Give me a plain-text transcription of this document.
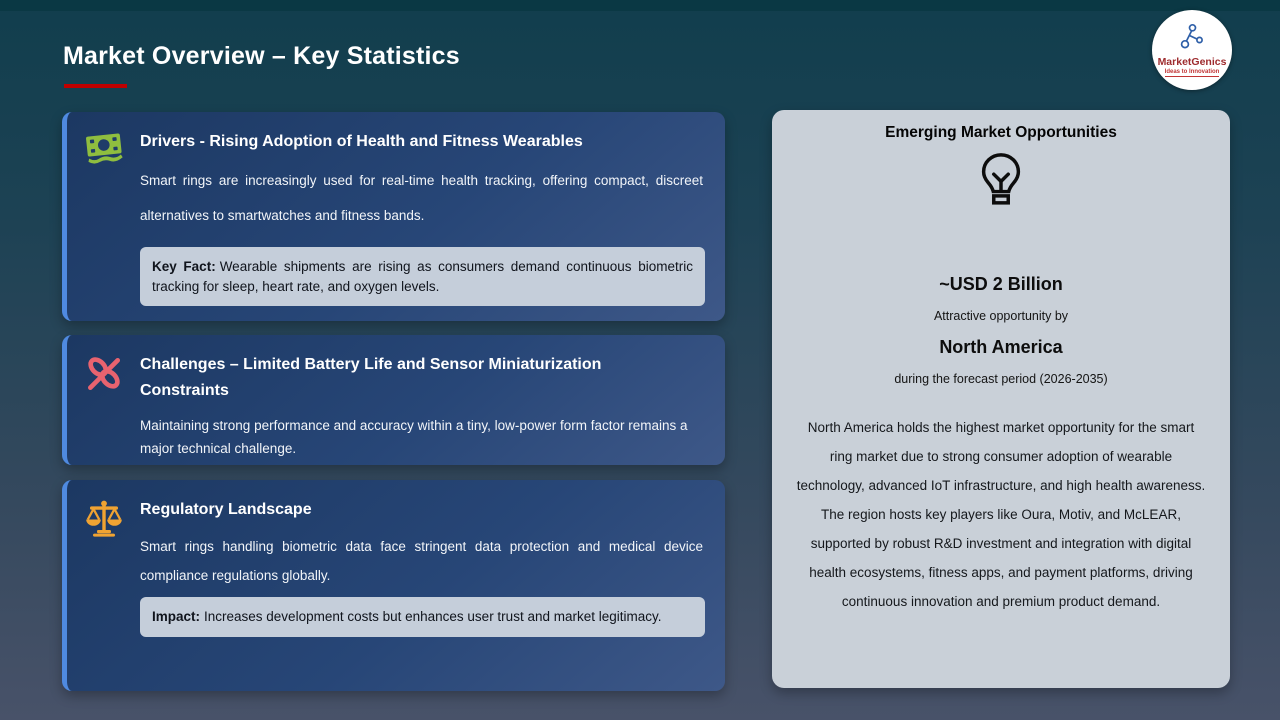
Market Overview – Key Statistics	MarketGenics
Ideas to Innovation
Drivers - Rising Adoption of Health and Fitness Wearables

Smart rings are increasingly used for real-time health tracking, offering compact, discreet alternatives to smartwatches and fitness bands.

Key Fact: Wearable shipments are rising as consumers demand continuous biometric tracking for sleep, heart rate, and oxygen levels.
Challenges – Limited Battery Life and Sensor Miniaturization Constraints

Maintaining strong performance and accuracy within a tiny, low-power form factor remains a major technical challenge.

Regulatory Landscape

Smart rings handling biometric data face stringent data protection and medical device compliance regulations globally.

Impact: Increases development costs but enhances user trust and market legitimacy.
Emerging Market Opportunities
~USD 2 Billion
Attractive opportunity by
North America
during the forecast period (2026-2035)

North America holds the highest market opportunity for the smart ring market due to strong consumer adoption of wearable technology, advanced IoT infrastructure, and high health awareness. The region hosts key players like Oura, Motiv, and McLEAR, supported by robust R&D investment and integration with digital health ecosystems, fitness apps, and payment platforms, driving continuous innovation and premium product demand.
